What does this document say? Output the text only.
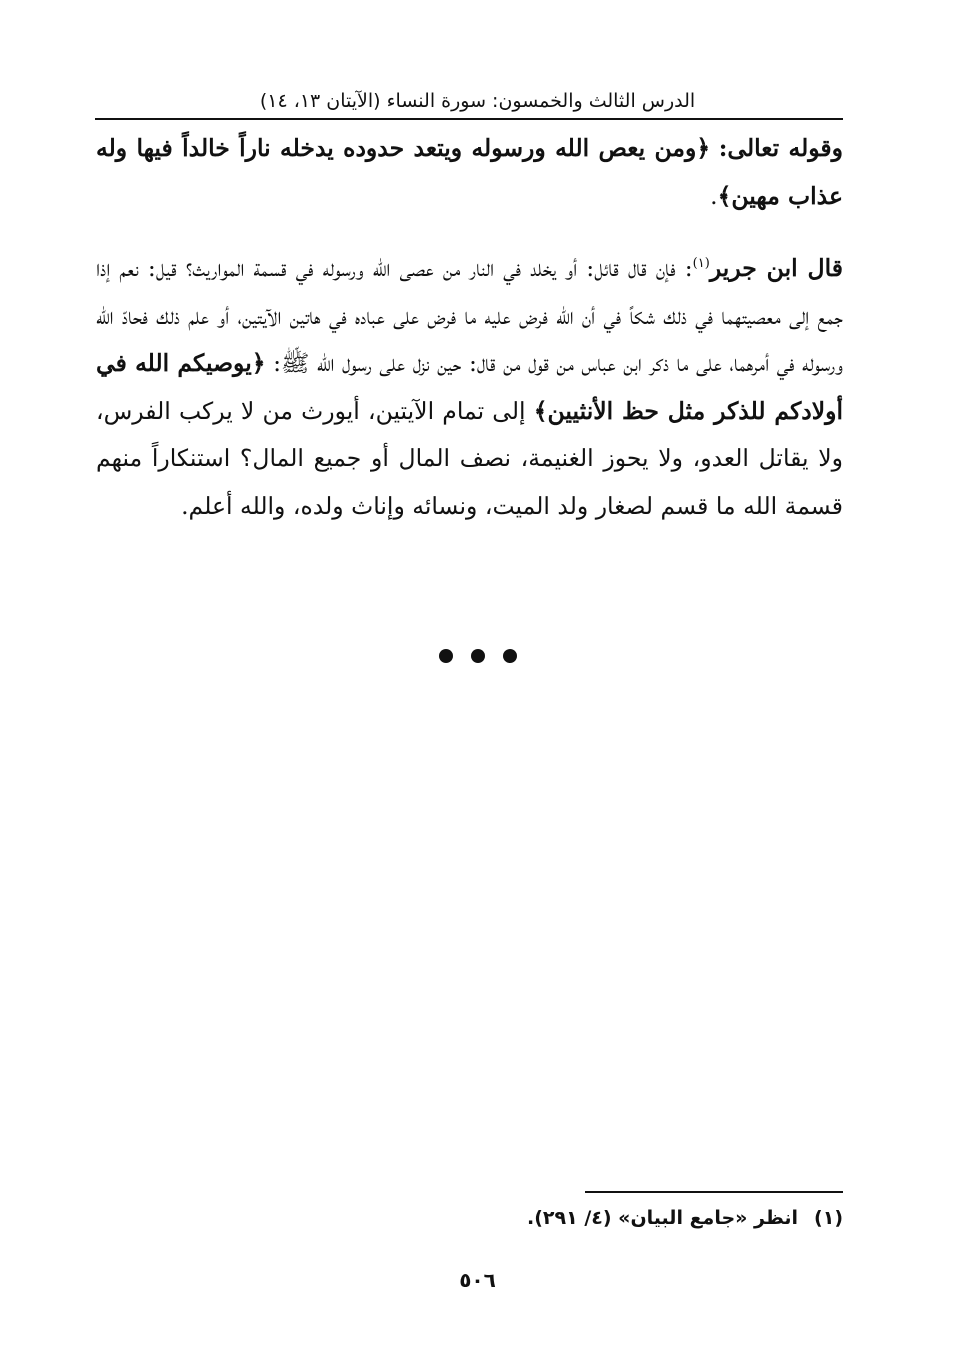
الدرس الثالث والخمسون: سورة النساء (الآيتان ١٣، ١٤)

وقوله تعالى: ﴿ومن يعص الله ورسوله ويتعد حدوده يدخله ناراً خالداً فيها وله عذاب مهين﴾.

قال ابن جرير$^{(١)}$: فإن قال قائل: أو يخلد في النار من عصى الله ورسوله في قسمة المواريث؟ قيل: نعم إذا جمع إلى معصيتهما في ذلك شكاً في أن الله فرض عليه ما فرض على عباده في هاتين الآيتين، أو علم ذلك فحادّ الله ورسوله في أمرهما، على ما ذكر ابن عباس من قول من قال: حين نزل على رسول الله ﷺ: ﴿يوصيكم الله في أولادكم للذكر مثل حظ الأنثيين﴾ إلى تمام الآيتين، أيورث من لا يركب الفرس، ولا يقاتل العدو، ولا يحوز الغنيمة، نصف المال أو جميع المال؟ استنكاراً منهم قسمة الله ما قسم لصغار ولد الميت، ونسائه وإناث ولده، والله أعلم.

(١)انظر «جامع البيان» (٤/ ٢٩١).
٥٠٦
